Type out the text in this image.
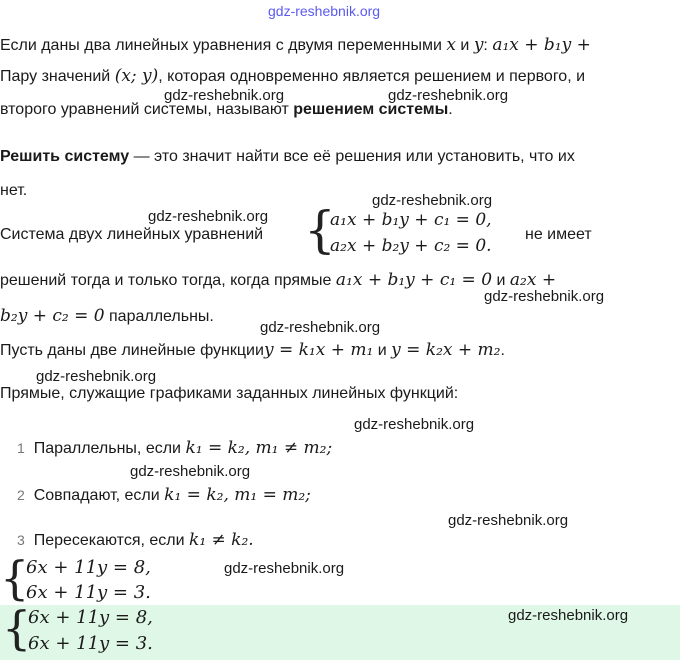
gdz-reshebnik.org
gdz-reshebnik.org	gdz-reshebnik.org
gdz-reshebnik.org
gdz-reshebnik.org
gdz-reshebnik.org
gdz-reshebnik.org
gdz-reshebnik.org
gdz-reshebnik.org
gdz-reshebnik.org
gdz-reshebnik.org
gdz-reshebnik.org
Если даны два линейных уравнения с двумя переменными x и y: a₁x + b₁y +
Пару значений (x; y), которая одновременно является решением и первого, и
второго уравнений системы, называют решением системы.
Решить систему — это значит найти все её решения или установить, что их
нет.
Система двух линейных уравнений {
a₁x + b₁y + c₁ = 0,
a₂x + b₂y + c₂ = 0.
не имеет
решений тогда и только тогда, когда прямые a₁x + b₁y + c₁ = 0 и a₂x +
b₂y + c₂ = 0 параллельны.
Пусть даны две линейные функцииy = k₁x + m₁ и y = k₂x + m₂.
Прямые, служащие графиками заданных линейных функций:
1 Параллельны, если k₁ = k₂, m₁ ≠ m₂;
2 Совпадают, если k₁ = k₂, m₁ = m₂;
3 Пересекаются, если k₁ ≠ k₂.
{
6x + 11y = 8,
6x + 11y = 3.
{
6x + 11y = 8,
6x + 11y = 3.
gdz-reshebnik.org
